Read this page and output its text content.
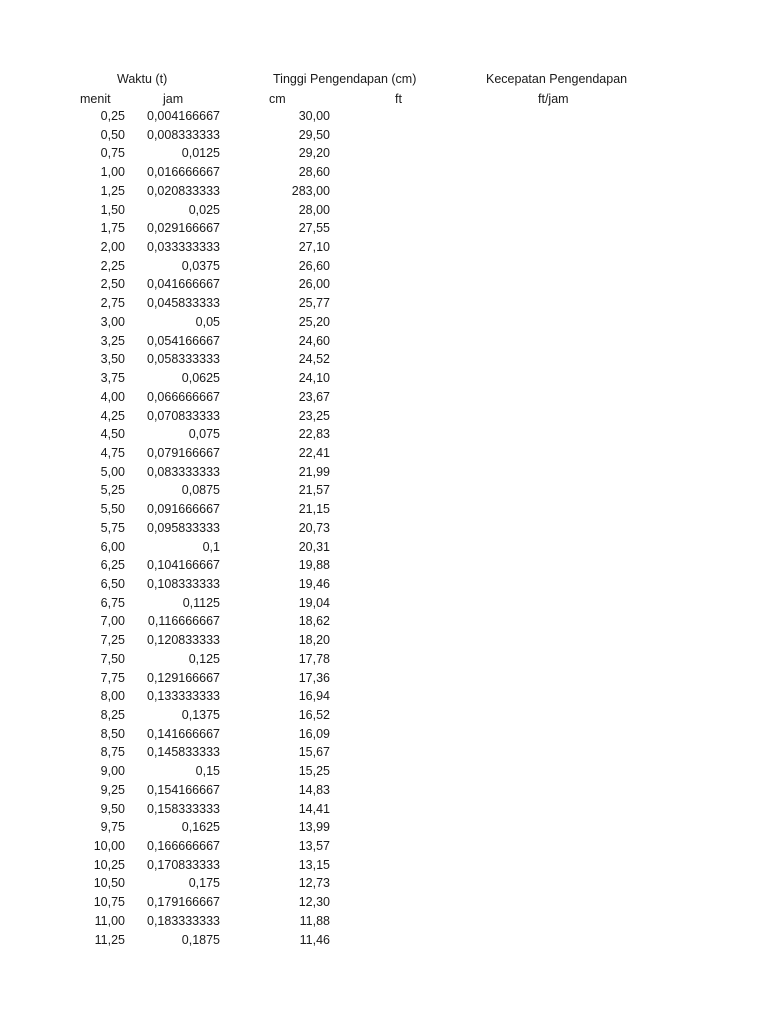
Waktu (t)	Tinggi Pengendapan (cm)	Kecepatan Pengendapan
menit	jam	cm	ft	ft/jam
0,25	0,004166667	30,00
0,50	0,008333333	29,50
0,75	0,0125	29,20
1,00	0,016666667	28,60
1,25	0,020833333	283,00
1,50	0,025	28,00
1,75	0,029166667	27,55
2,00	0,033333333	27,10
2,25	0,0375	26,60
2,50	0,041666667	26,00
2,75	0,045833333	25,77
3,00	0,05	25,20
3,25	0,054166667	24,60
3,50	0,058333333	24,52
3,75	0,0625	24,10
4,00	0,066666667	23,67
4,25	0,070833333	23,25
4,50	0,075	22,83
4,75	0,079166667	22,41
5,00	0,083333333	21,99
5,25	0,0875	21,57
5,50	0,091666667	21,15
5,75	0,095833333	20,73
6,00	0,1	20,31
6,25	0,104166667	19,88
6,50	0,108333333	19,46
6,75	0,1125	19,04
7,00	0,116666667	18,62
7,25	0,120833333	18,20
7,50	0,125	17,78
7,75	0,129166667	17,36
8,00	0,133333333	16,94
8,25	0,1375	16,52
8,50	0,141666667	16,09
8,75	0,145833333	15,67
9,00	0,15	15,25
9,25	0,154166667	14,83
9,50	0,158333333	14,41
9,75	0,1625	13,99
10,00	0,166666667	13,57
10,25	0,170833333	13,15
10,50	0,175	12,73
10,75	0,179166667	12,30
11,00	0,183333333	11,88
11,25	0,1875	11,46
